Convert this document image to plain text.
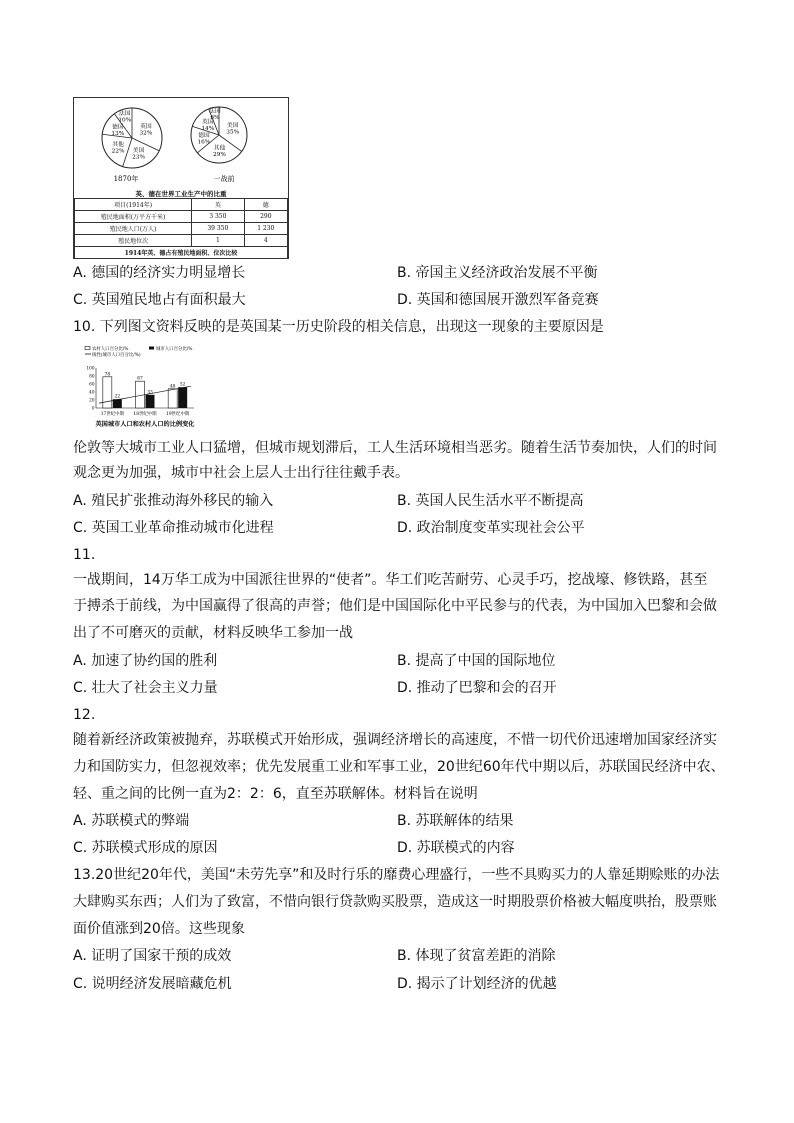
英国
32%
美国
23%
其他
22%
德国
13%
法国
10%
美国
35%
其他
29%
德国
16%
英国
14%
法国
6%
1870年	一战前
英、德在世界工业生产中的比重
项目(1914年)	英	德
殖民地面积(万平方千米)	3 350	290
殖民地人口(万人)	39 350	1 230
殖民地位次	1	4
1914年英、德占有殖民地面积、位次比较		
A. 德国的经济实力明显增长	B. 帝国主义经济政治发展不平衡
C. 英国殖民地占有面积最大	D. 英国和德国展开激烈军备竞赛
10. 下列图文资料反映的是英国某一历史阶段的相关信息，出现这一现象的主要原因是
农村人口百分比/%	城市人口百分比/%
线性(城市人口百分比/%)
100
80
60
40
20
0
78
22
17世纪中期
67
33
18世纪中期
48 52
19世纪中期
英国城市人口和农村人口的比例变化
伦敦等大城市工业人口猛增，但城市规划滞后，工人生活环境相当恶劣。随着生活节奏加快，人们的时间
观念更为加强，城市中社会上层人士出行往往戴手表。
A. 殖民扩张推动海外移民的输入	B. 英国人民生活水平不断提高
C. 英国工业革命推动城市化进程	D. 政治制度变革实现社会公平
11.
一战期间，14万华工成为中国派往世界的“使者”。华工们吃苦耐劳、心灵手巧，挖战壕、修铁路，甚至
于搏杀于前线，为中国赢得了很高的声誉；他们是中国国际化中平民参与的代表，为中国加入巴黎和会做
出了不可磨灭的贡献，材料反映华工参加一战
A. 加速了协约国的胜利	B. 提高了中国的国际地位
C. 壮大了社会主义力量	D. 推动了巴黎和会的召开
12.
随着新经济政策被抛弃，苏联模式开始形成，强调经济增长的高速度，不惜一切代价迅速增加国家经济实
力和国防实力，但忽视效率；优先发展重工业和军事工业，20世纪60年代中期以后，苏联国民经济中农、
轻、重之间的比例一直为2：2：6，直至苏联解体。材料旨在说明
A. 苏联模式的弊端	B. 苏联解体的结果
C. 苏联模式形成的原因	D. 苏联模式的内容
13.20世纪20年代，美国“未劳先享”和及时行乐的靡费心理盛行，一些不具购买力的人靠延期赊账的办法
大肆购买东西；人们为了致富，不惜向银行贷款购买股票，造成这一时期股票价格被大幅度哄抬，股票账
面价值涨到20倍。这些现象
A. 证明了国家干预的成效	B. 体现了贫富差距的消除
C. 说明经济发展暗藏危机	D. 揭示了计划经济的优越
